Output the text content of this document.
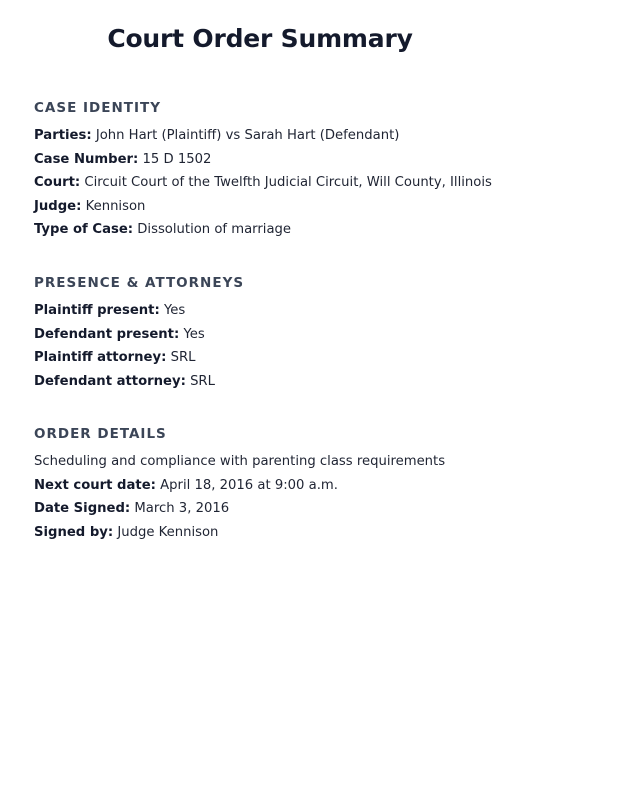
Court Order Summary
CASE IDENTITY
Parties: John Hart (Plaintiff) vs Sarah Hart (Defendant)
Case Number: 15 D 1502
Court: Circuit Court of the Twelfth Judicial Circuit, Will County, Illinois
Judge: Kennison
Type of Case: Dissolution of marriage
PRESENCE & ATTORNEYS
Plaintiff present: Yes
Defendant present: Yes
Plaintiff attorney: SRL
Defendant attorney: SRL
ORDER DETAILS
Scheduling and compliance with parenting class requirements
Next court date: April 18, 2016 at 9:00 a.m.
Date Signed: March 3, 2016
Signed by: Judge Kennison
